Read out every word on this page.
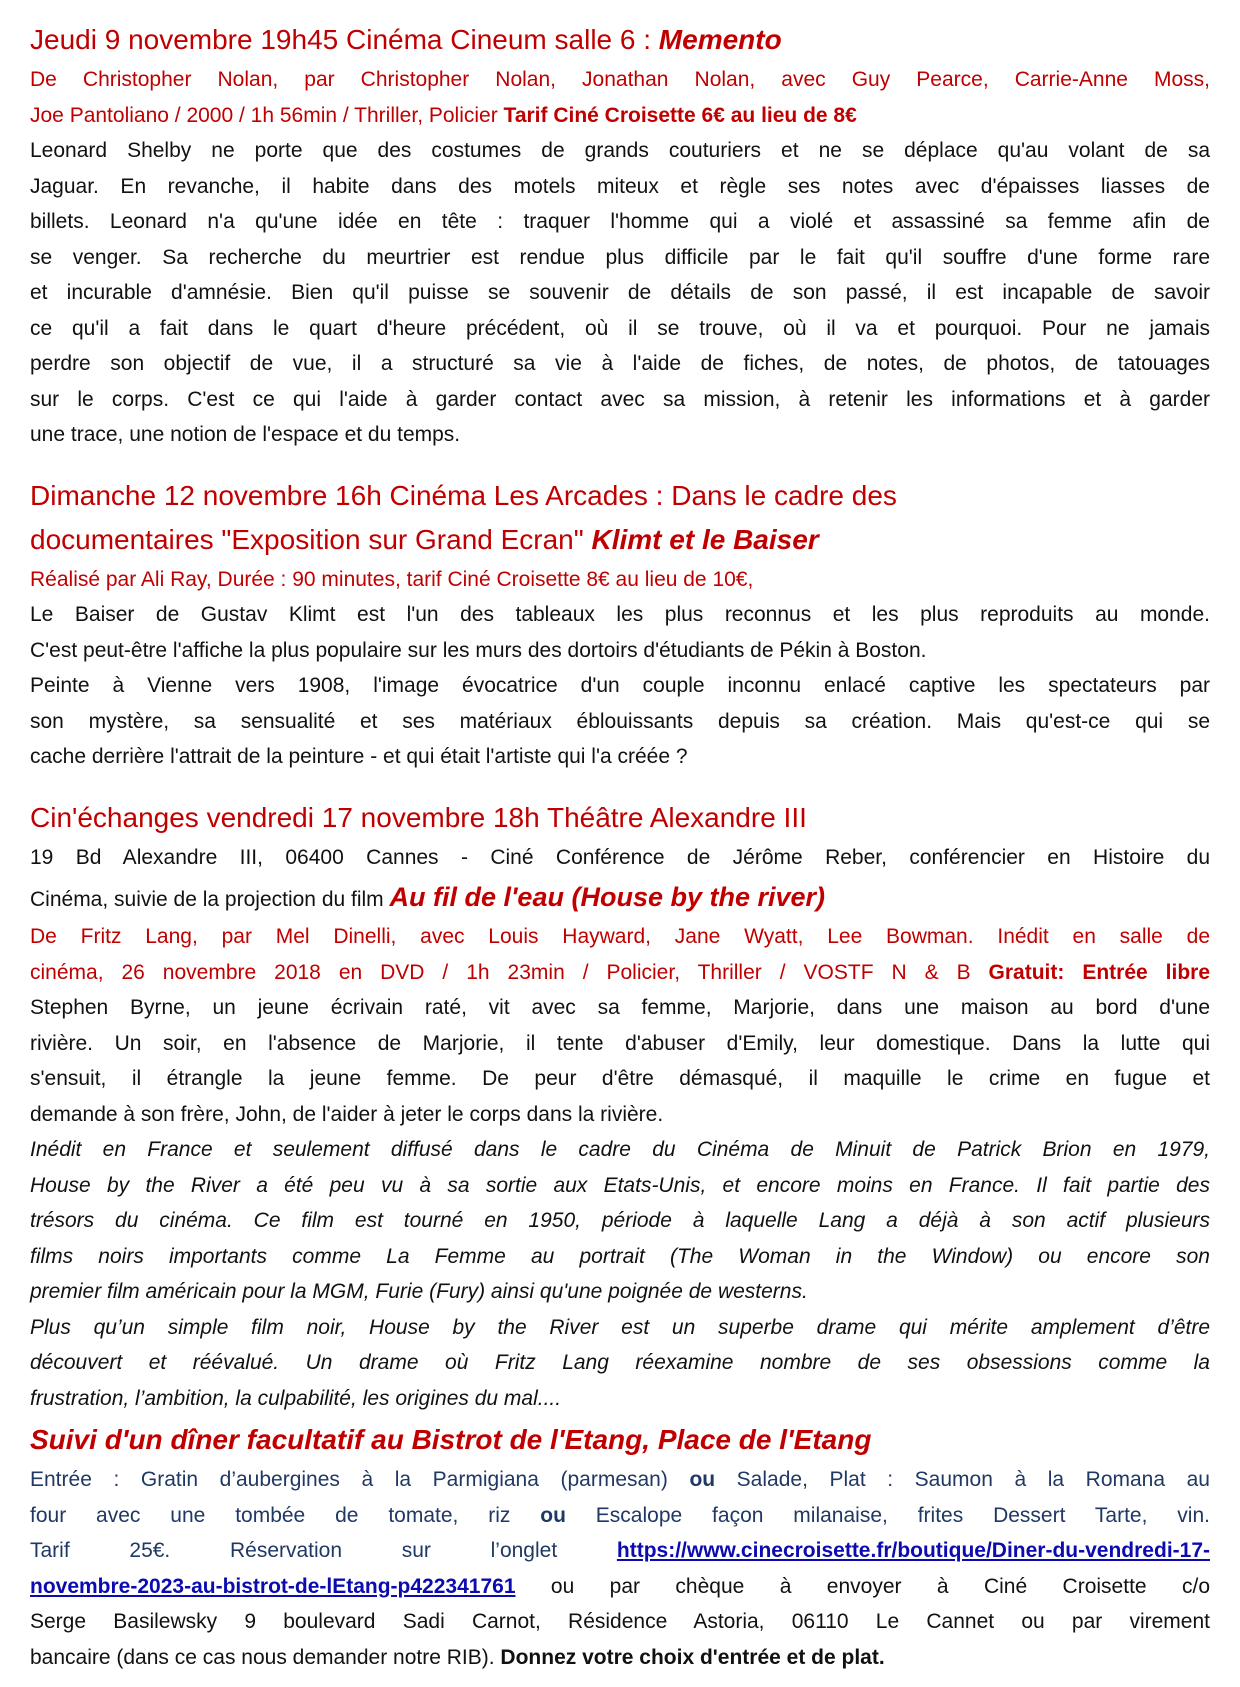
Jeudi 9 novembre 19h45 Cinéma Cineum salle 6 : Memento
De Christopher Nolan, par Christopher Nolan, Jonathan Nolan, avec Guy Pearce, Carrie-Anne Moss,
Joe Pantoliano / 2000 / 1h 56min / Thriller, Policier Tarif Ciné Croisette 6€ au lieu de 8€
Leonard Shelby ne porte que des costumes de grands couturiers et ne se déplace qu'au volant de sa
Jaguar. En revanche, il habite dans des motels miteux et règle ses notes avec d'épaisses liasses de
billets. Leonard n'a qu'une idée en tête : traquer l'homme qui a violé et assassiné sa femme afin de
se venger. Sa recherche du meurtrier est rendue plus difficile par le fait qu'il souffre d'une forme rare
et incurable d'amnésie. Bien qu'il puisse se souvenir de détails de son passé, il est incapable de savoir
ce qu'il a fait dans le quart d'heure précédent, où il se trouve, où il va et pourquoi. Pour ne jamais
perdre son objectif de vue, il a structuré sa vie à l'aide de fiches, de notes, de photos, de tatouages
sur le corps. C'est ce qui l'aide à garder contact avec sa mission, à retenir les informations et à garder
une trace, une notion de l'espace et du temps.
Dimanche 12 novembre 16h Cinéma Les Arcades : Dans le cadre des
documentaires "Exposition sur Grand Ecran" Klimt et le Baiser
Réalisé par Ali Ray, Durée : 90 minutes, tarif Ciné Croisette 8€ au lieu de 10€,
Le Baiser de Gustav Klimt est l'un des tableaux les plus reconnus et les plus reproduits au monde.
C'est peut-être l'affiche la plus populaire sur les murs des dortoirs d'étudiants de Pékin à Boston.
Peinte à Vienne vers 1908, l'image évocatrice d'un couple inconnu enlacé captive les spectateurs par
son mystère, sa sensualité et ses matériaux éblouissants depuis sa création. Mais qu'est-ce qui se
cache derrière l'attrait de la peinture - et qui était l'artiste qui l'a créée ?
Cin'échanges vendredi 17 novembre 18h Théâtre Alexandre III
19 Bd Alexandre III, 06400 Cannes - Ciné Conférence de Jérôme Reber, conférencier en Histoire du
Cinéma, suivie de la projection du film Au fil de l'eau (House by the river)
De Fritz Lang, par Mel Dinelli, avec Louis Hayward, Jane Wyatt, Lee Bowman. Inédit en salle de
cinéma, 26 novembre 2018 en DVD / 1h 23min / Policier, Thriller / VOSTF N & B Gratuit: Entrée libre
Stephen Byrne, un jeune écrivain raté, vit avec sa femme, Marjorie, dans une maison au bord d'une
rivière. Un soir, en l'absence de Marjorie, il tente d'abuser d'Emily, leur domestique. Dans la lutte qui
s'ensuit, il étrangle la jeune femme. De peur d'être démasqué, il maquille le crime en fugue et
demande à son frère, John, de l'aider à jeter le corps dans la rivière.
Inédit en France et seulement diffusé dans le cadre du Cinéma de Minuit de Patrick Brion en 1979,
House by the River a été peu vu à sa sortie aux Etats-Unis, et encore moins en France. Il fait partie des
trésors du cinéma. Ce film est tourné en 1950, période à laquelle Lang a déjà à son actif plusieurs
films noirs importants comme La Femme au portrait (The Woman in the Window) ou encore son
premier film américain pour la MGM, Furie (Fury) ainsi qu'une poignée de westerns.
Plus qu’un simple film noir, House by the River est un superbe drame qui mérite amplement d’être
découvert et réévalué. Un drame où Fritz Lang réexamine nombre de ses obsessions comme la
frustration, l’ambition, la culpabilité, les origines du mal....
Suivi d'un dîner facultatif au Bistrot de l'Etang, Place de l'Etang
Entrée : Gratin d’aubergines à la Parmigiana (parmesan) ou Salade, Plat : Saumon à la Romana au
four avec une tombée de tomate, riz ou Escalope façon milanaise, frites Dessert Tarte, vin.
Tarif 25€. Réservation sur l’onglet https://www.cinecroisette.fr/boutique/Diner-du-vendredi-17-
novembre-2023-au-bistrot-de-lEtang-p422341761 ou par chèque à envoyer à Ciné Croisette c/o
Serge Basilewsky 9 boulevard Sadi Carnot, Résidence Astoria, 06110 Le Cannet ou par virement
bancaire (dans ce cas nous demander notre RIB). Donnez votre choix d'entrée et de plat.
